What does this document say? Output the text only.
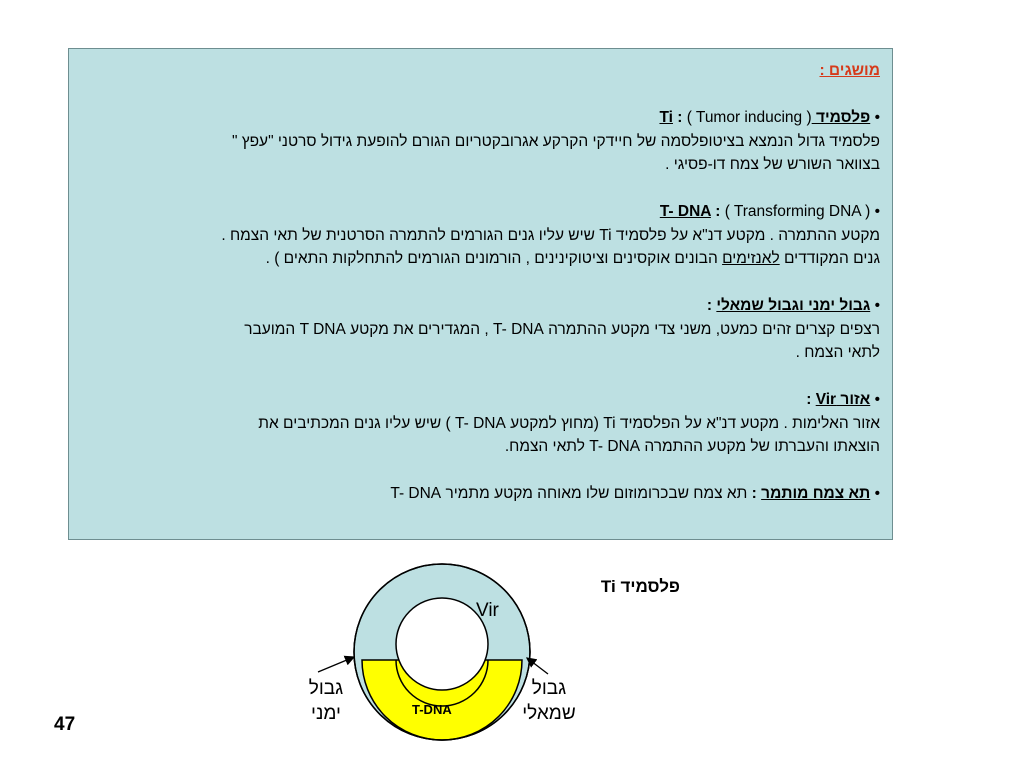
מושגים :
• פלסמיד Ti : ( Tumor inducing )
פלסמיד גדול הנמצא בציטופלסמה של חיידקי הקרקע אגרובקטריום הגורם להופעת גידול סרטני "עפץ "
בצוואר השורש של צמח דו-פסיגי .
• T- DNA : ( Transforming DNA )
מקטע ההתמרה . מקטע דנ"א על פלסמיד Ti שיש עליו גנים הגורמים להתמרה הסרטנית של תאי הצמח .
גנים המקודדים לאנזימים הבונים אוקסינים וציטוקינינים , הורמונים הגורמים להתחלקות התאים ) .
• גבול ימני וגבול שמאלי :
רצפים קצרים זהים כמעט, משני צדי מקטע ההתמרה T- DNA , המגדירים את מקטע T DNA המועבר
לתאי הצמח .
• אזור Vir :
אזור האלימות . מקטע דנ"א על הפלסמיד Ti (מחוץ למקטע T- DNA ) שיש עליו גנים המכתיבים את
הוצאתו והעברתו של מקטע ההתמרה T- DNA לתאי הצמח.
• תא צמח מותמר : תא צמח שבכרומוזום שלו מאוחה מקטע מתמיר T- DNA
Vir
T-DNA
פלסמיד Ti
גבול
ימני
גבול
שמאלי
47
